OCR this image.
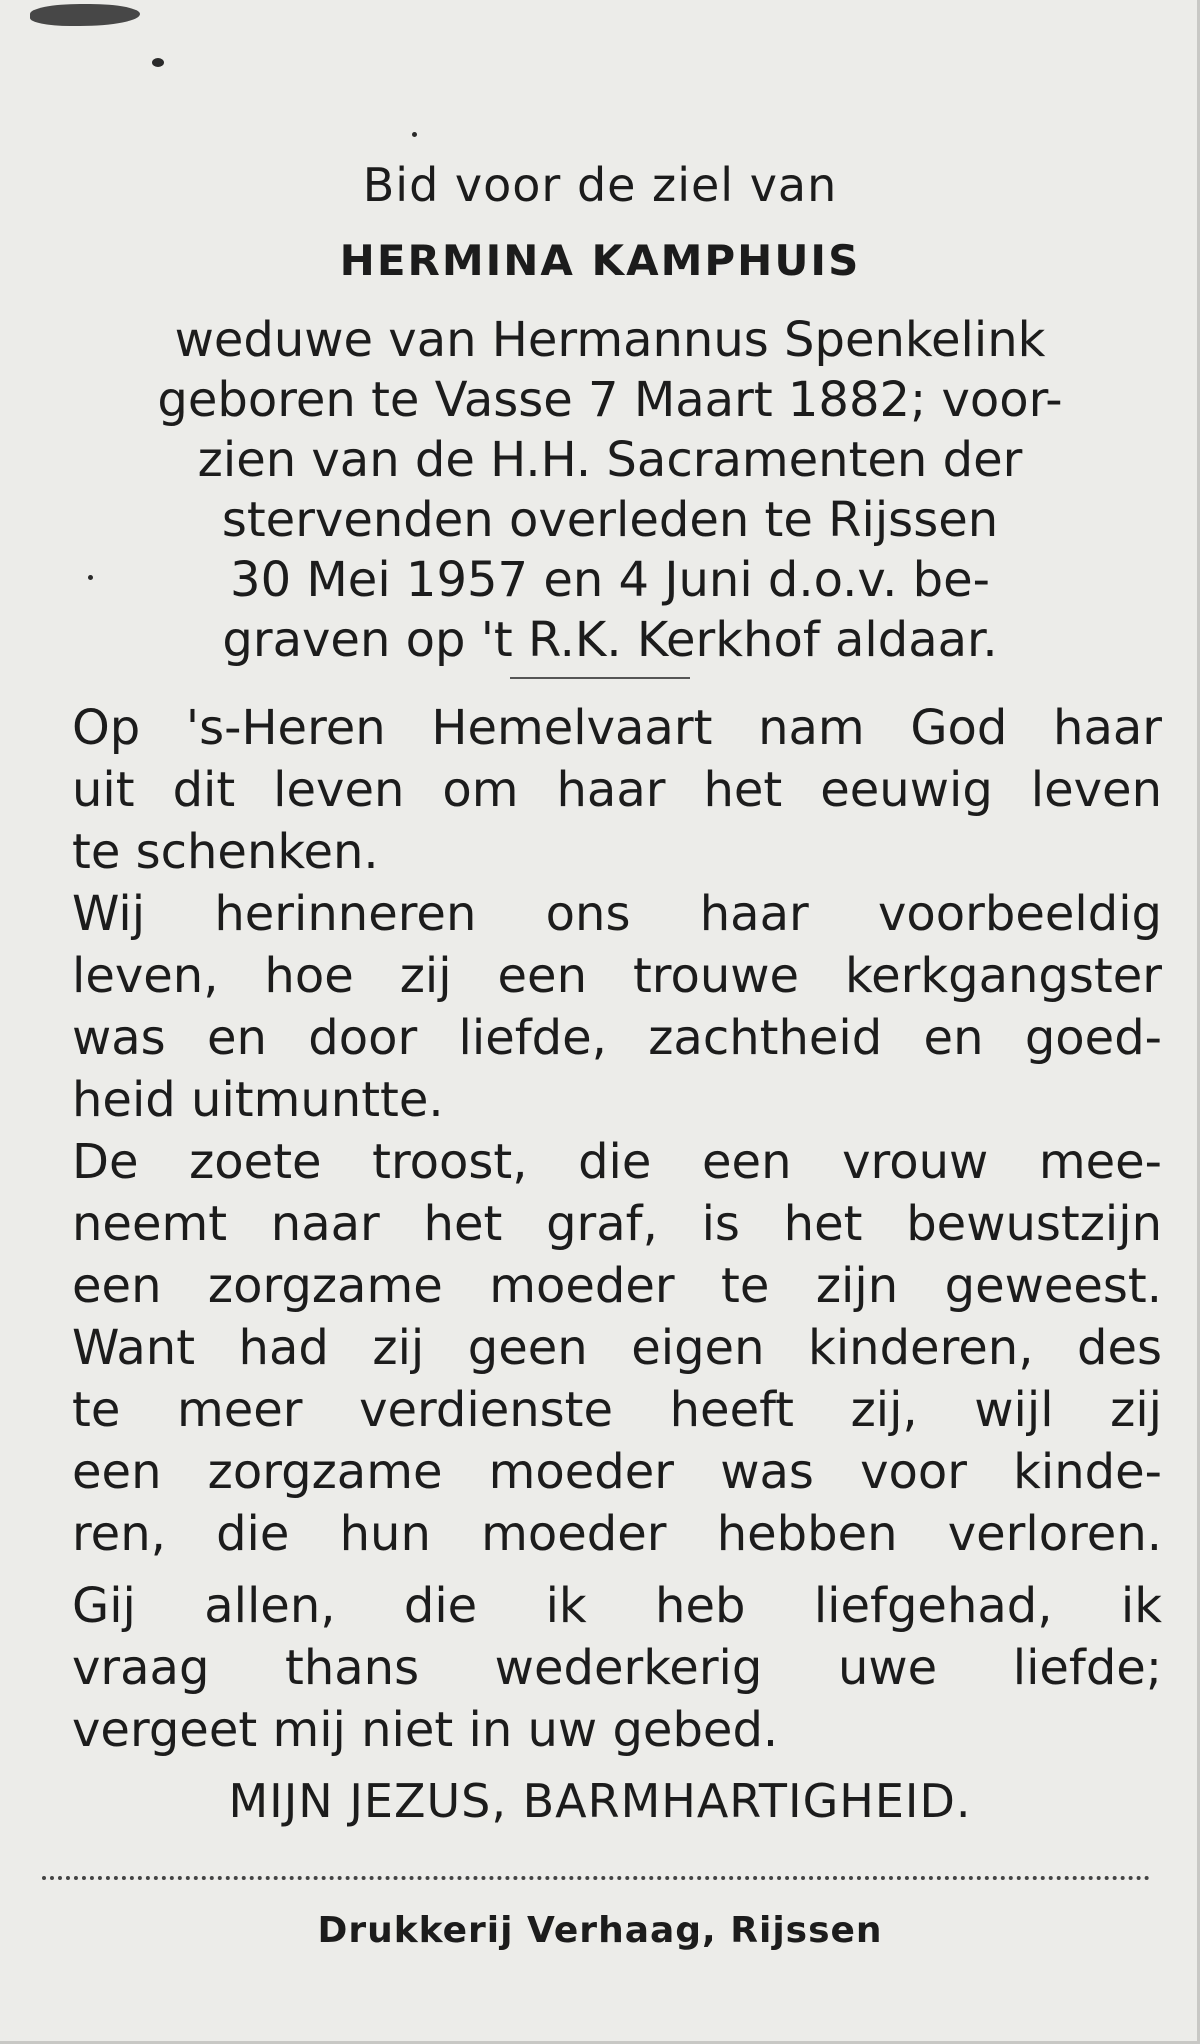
Bid voor de ziel van
HERMINA KAMPHUIS
weduwe van Hermannus Spenkelink
geboren te Vasse 7 Maart 1882; voor-
zien van de H.H. Sacramenten der
stervenden overleden te Rijssen
30 Mei 1957 en 4 Juni d.o.v. be-
graven op 't R.K. Kerkhof aldaar.
Op 's-Heren Hemelvaart nam God haar
uit dit leven om haar het eeuwig leven
te schenken.
Wij herinneren ons haar voorbeeldig
leven, hoe zij een trouwe kerkgangster
was en door liefde, zachtheid en goed-
heid uitmuntte.
De zoete troost, die een vrouw mee-
neemt naar het graf, is het bewustzijn
een zorgzame moeder te zijn geweest.
Want had zij geen eigen kinderen, des
te meer verdienste heeft zij, wijl zij
een zorgzame moeder was voor kinde-
ren, die hun moeder hebben verloren.
Gij allen, die ik heb liefgehad, ik
vraag thans wederkerig uwe liefde;
vergeet mij niet in uw gebed.
MIJN JEZUS, BARMHARTIGHEID.
Drukkerij Verhaag, Rijssen
